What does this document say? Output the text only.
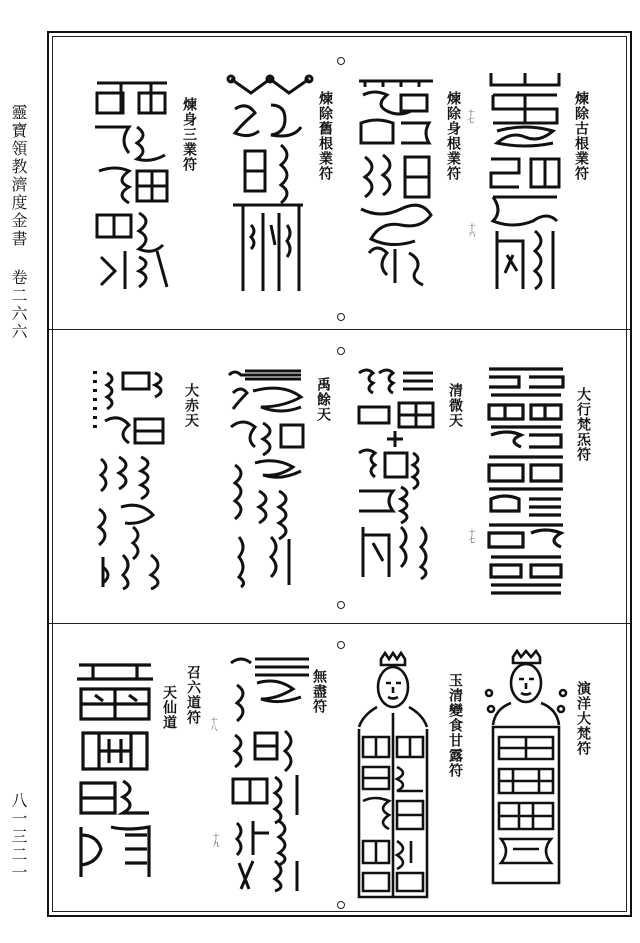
靈寶領教濟度金書 卷二六六
八一三二一
煉除古根業符
煉除身根業符
煉除舊根業符
煉身三業符
十六
十七
大行梵炁符
清微天
禹餘天
大赤天
十七
演洋大梵符
玉清變食甘露符
無盡符
召六道符
天仙道	十八
十九
